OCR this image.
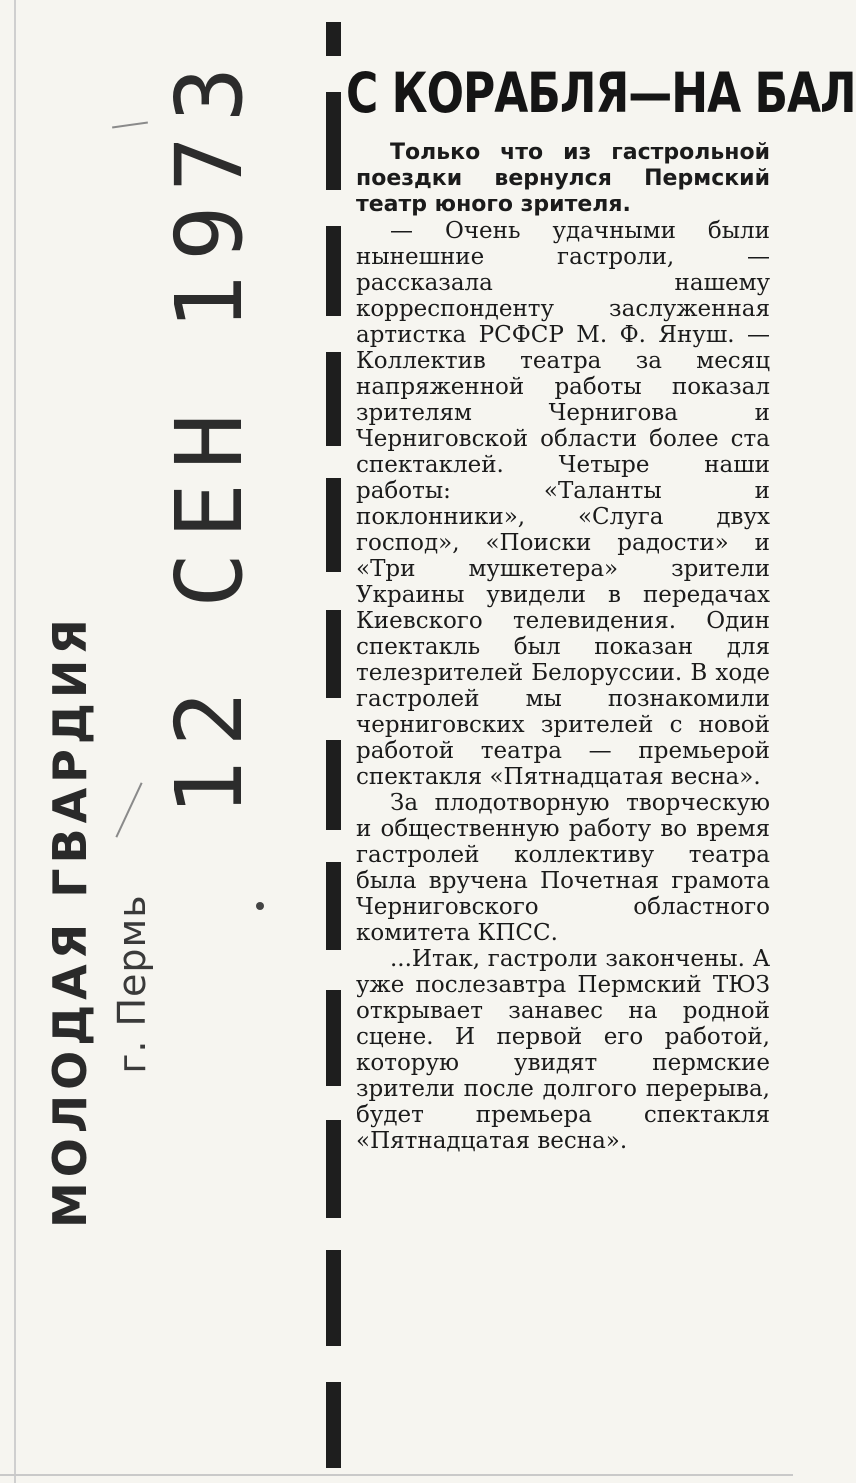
МОЛОДАЯ ГВАРДИЯ г. Пермь
12 СЕН 1973 С КОРАБЛЯ—НА БАЛ

Только что из гастрольной поездки вернулся Пермский театр юного зрителя.

— Очень удачными были нынешние гастроли, — рассказала нашему корреспонденту заслуженная артистка РСФСР М. Ф. Януш. — Коллектив театра за месяц напряженной работы показал зрителям Чернигова и Черниговской области более ста спектаклей. Четыре наши работы: «Таланты и поклонники», «Слуга двух господ», «Поиски радости» и «Три мушкетера» зрители Украины увидели в передачах Киевского телевидения. Один спектакль был показан для телезрителей Белоруссии. В ходе гастролей мы познакомили черниговских зрителей с новой работой театра — премьерой спектакля «Пятнадцатая весна».

За плодотворную творческую и общественную работу во время гастролей коллективу театра была вручена Почетная грамота Черниговского областного комитета КПСС.

...Итак, гастроли закончены. А уже послезавтра Пермский ТЮЗ открывает занавес на родной сцене. И первой его работой, которую увидят пермские зрители после долгого перерыва, будет премьера спектакля «Пятнадцатая весна».
